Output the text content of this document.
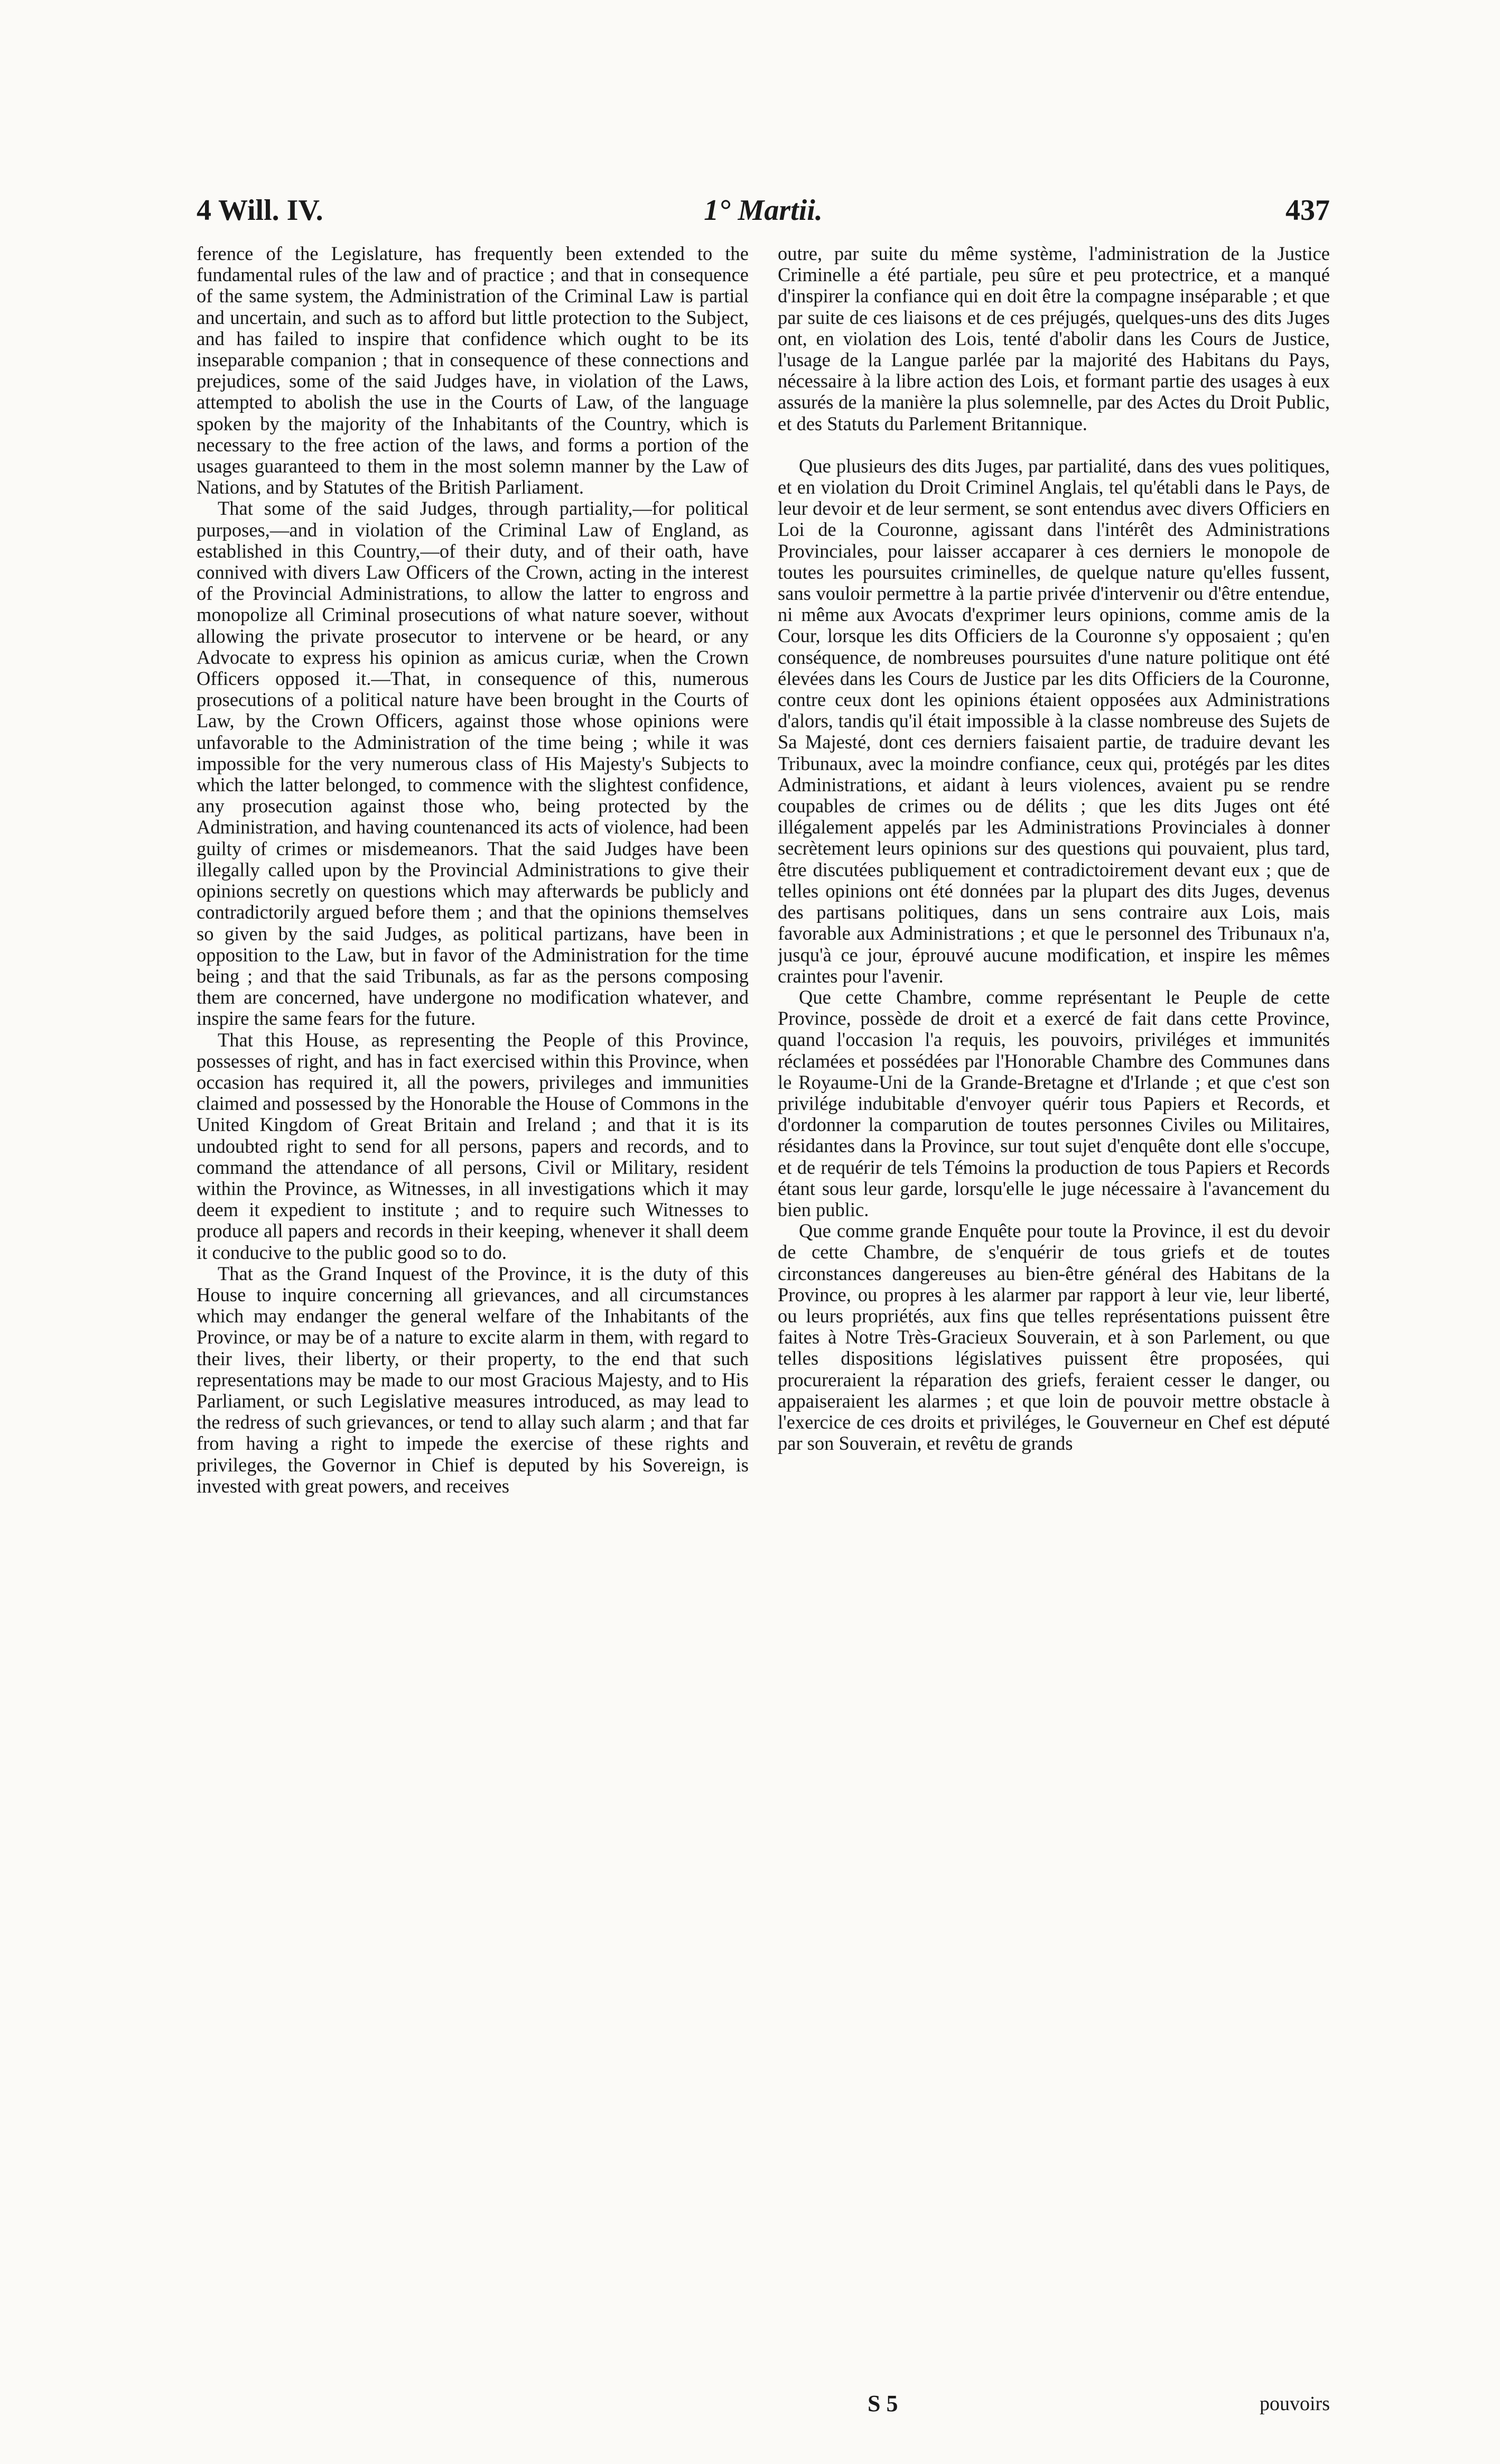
4 Will. IV.	1° Martii.	437

ference of the Legislature, has frequently been extended to the fundamental rules of the law and of practice ; and that in consequence of the same system, the Administration of the Criminal Law is partial and uncertain, and such as to afford but little protection to the Subject, and has failed to inspire that confidence which ought to be its inseparable companion ; that in consequence of these connections and prejudices, some of the said Judges have, in violation of the Laws, attempted to abolish the use in the Courts of Law, of the language spoken by the majority of the Inhabitants of the Country, which is necessary to the free action of the laws, and forms a portion of the usages guaranteed to them in the most solemn manner by the Law of Nations, and by Statutes of the British Parliament.

That some of the said Judges, through partiality,—for political purposes,—and in violation of the Criminal Law of England, as established in this Country,—of their duty, and of their oath, have connived with divers Law Officers of the Crown, acting in the interest of the Provincial Administrations, to allow the latter to engross and monopolize all Criminal prosecutions of what nature soever, without allowing the private prosecutor to intervene or be heard, or any Advocate to express his opinion as amicus curiæ, when the Crown Officers opposed it.—That, in consequence of this, numerous prosecutions of a political nature have been brought in the Courts of Law, by the Crown Officers, against those whose opinions were unfavorable to the Administration of the time being ; while it was impossible for the very numerous class of His Majesty's Subjects to which the latter belonged, to commence with the slightest confidence, any prosecution against those who, being protected by the Administration, and having countenanced its acts of violence, had been guilty of crimes or misdemeanors. That the said Judges have been illegally called upon by the Provincial Administrations to give their opinions secretly on questions which may afterwards be publicly and contradictorily argued before them ; and that the opinions themselves so given by the said Judges, as political partizans, have been in opposition to the Law, but in favor of the Administration for the time being ; and that the said Tribunals, as far as the persons composing them are concerned, have undergone no modification whatever, and inspire the same fears for the future.

That this House, as representing the People of this Province, possesses of right, and has in fact exercised within this Province, when occasion has required it, all the powers, privileges and immunities claimed and possessed by the Honorable the House of Commons in the United Kingdom of Great Britain and Ireland ; and that it is its undoubted right to send for all persons, papers and records, and to command the attendance of all persons, Civil or Military, resident within the Province, as Witnesses, in all investigations which it may deem it expedient to institute ; and to require such Witnesses to produce all papers and records in their keeping, whenever it shall deem it conducive to the public good so to do.

That as the Grand Inquest of the Province, it is the duty of this House to inquire concerning all grievances, and all circumstances which may endanger the general welfare of the Inhabitants of the Province, or may be of a nature to excite alarm in them, with regard to their lives, their liberty, or their property, to the end that such representations may be made to our most Gracious Majesty, and to His Parliament, or such Legislative measures introduced, as may lead to the redress of such grievances, or tend to allay such alarm ; and that far from having a right to impede the exercise of these rights and privileges, the Governor in Chief is deputed by his Sovereign, is invested with great powers, and receives

outre, par suite du même système, l'administration de la Justice Criminelle a été partiale, peu sûre et peu protectrice, et a manqué d'inspirer la confiance qui en doit être la compagne inséparable ; et que par suite de ces liaisons et de ces préjugés, quelques-uns des dits Juges ont, en violation des Lois, tenté d'abolir dans les Cours de Justice, l'usage de la Langue parlée par la majorité des Habitans du Pays, nécessaire à la libre action des Lois, et formant partie des usages à eux assurés de la manière la plus solemnelle, par des Actes du Droit Public, et des Statuts du Parlement Britannique.

Que plusieurs des dits Juges, par partialité, dans des vues politiques, et en violation du Droit Criminel Anglais, tel qu'établi dans le Pays, de leur devoir et de leur serment, se sont entendus avec divers Officiers en Loi de la Couronne, agissant dans l'intérêt des Administrations Provinciales, pour laisser accaparer à ces derniers le monopole de toutes les poursuites criminelles, de quelque nature qu'elles fussent, sans vouloir permettre à la partie privée d'intervenir ou d'être entendue, ni même aux Avocats d'exprimer leurs opinions, comme amis de la Cour, lorsque les dits Officiers de la Couronne s'y opposaient ; qu'en conséquence, de nombreuses poursuites d'une nature politique ont été élevées dans les Cours de Justice par les dits Officiers de la Couronne, contre ceux dont les opinions étaient opposées aux Administrations d'alors, tandis qu'il était impossible à la classe nombreuse des Sujets de Sa Majesté, dont ces derniers faisaient partie, de traduire devant les Tribunaux, avec la moindre confiance, ceux qui, protégés par les dites Administrations, et aidant à leurs violences, avaient pu se rendre coupables de crimes ou de délits ; que les dits Juges ont été illégalement appelés par les Administrations Provinciales à donner secrètement leurs opinions sur des questions qui pouvaient, plus tard, être discutées publiquement et contradictoirement devant eux ; que de telles opinions ont été données par la plupart des dits Juges, devenus des partisans politiques, dans un sens contraire aux Lois, mais favorable aux Administrations ; et que le personnel des Tribunaux n'a, jusqu'à ce jour, éprouvé aucune modification, et inspire les mêmes craintes pour l'avenir.

Que cette Chambre, comme représentant le Peuple de cette Province, possède de droit et a exercé de fait dans cette Province, quand l'occasion l'a requis, les pouvoirs, priviléges et immunités réclamées et possédées par l'Honorable Chambre des Communes dans le Royaume-Uni de la Grande-Bretagne et d'Irlande ; et que c'est son privilége indubitable d'envoyer quérir tous Papiers et Records, et d'ordonner la comparution de toutes personnes Civiles ou Militaires, résidantes dans la Province, sur tout sujet d'enquête dont elle s'occupe, et de requérir de tels Témoins la production de tous Papiers et Records étant sous leur garde, lorsqu'elle le juge nécessaire à l'avancement du bien public.

Que comme grande Enquête pour toute la Province, il est du devoir de cette Chambre, de s'enquérir de tous griefs et de toutes circonstances dangereuses au bien-être général des Habitans de la Province, ou propres à les alarmer par rapport à leur vie, leur liberté, ou leurs propriétés, aux fins que telles représentations puissent être faites à Notre Très-Gracieux Souverain, et à son Parlement, ou que telles dispositions législatives puissent être proposées, qui procureraient la réparation des griefs, feraient cesser le danger, ou appaiseraient les alarmes ; et que loin de pouvoir mettre obstacle à l'exercice de ces droits et priviléges, le Gouverneur en Chef est député par son Souverain, et revêtu de grands

S 5	pouvoirs
